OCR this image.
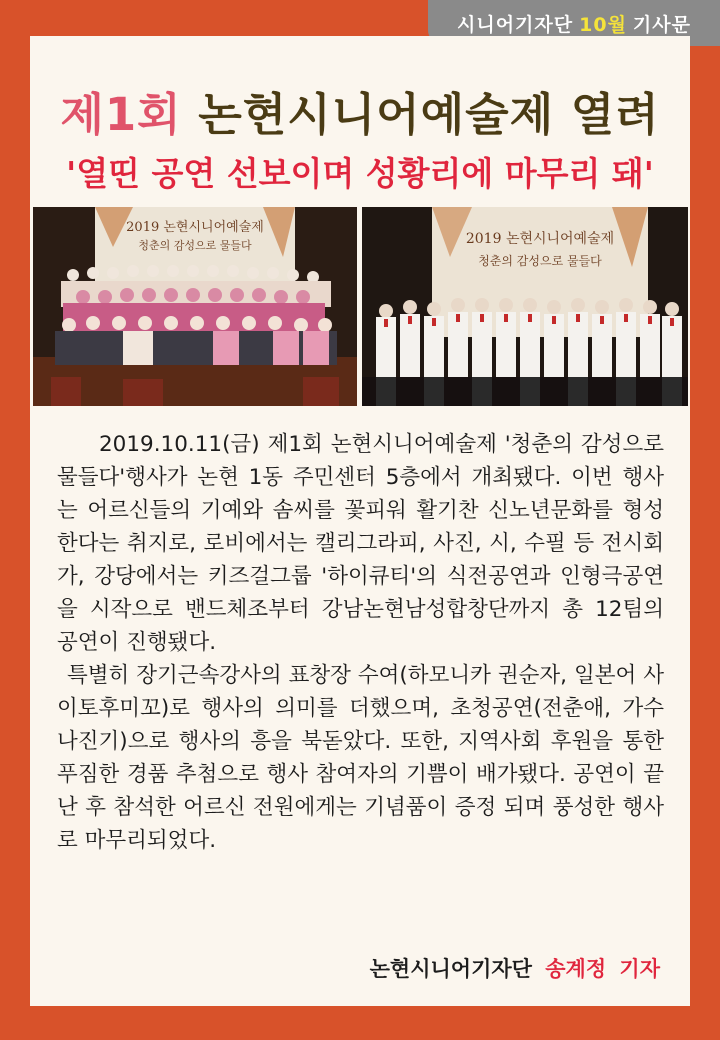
시니어기자단 10월 기사문
제1회 논현시니어예술제 열려
'열띤 공연 선보이며 성황리에 마무리 돼'
2019 논현시니어예술제
청춘의 감성으로 물들다	2019 논현시니어예술제
청춘의 감성으로 물들다

2019.10.11(금) 제1회 논현시니어예술제 '청춘의 감성으로 물들다'행사가 논현 1동 주민센터 5층에서 개최됐다. 이번 행사는 어르신들의 기예와 솜씨를 꽃피워 활기찬 신노년문화를 형성한다는 취지로, 로비에서는 캘리그라피, 사진, 시, 수필 등 전시회가, 강당에서는 키즈걸그룹 '하이큐티'의 식전공연과 인형극공연을 시작으로 밴드체조부터 강남논현남성합창단까지 총 12팀의 공연이 진행됐다.

특별히 장기근속강사의 표창장 수여(하모니카 권순자, 일본어 사이토후미꼬)로 행사의 의미를 더했으며, 초청공연(전춘애, 가수 나진기)으로 행사의 흥을 북돋았다. 또한, 지역사회 후원을 통한 푸짐한 경품 추첨으로 행사 참여자의 기쁨이 배가됐다. 공연이 끝난 후 참석한 어르신 전원에게는 기념품이 증정 되며 풍성한 행사로 마무리되었다.

논현시니어기자단 송계정 기자
